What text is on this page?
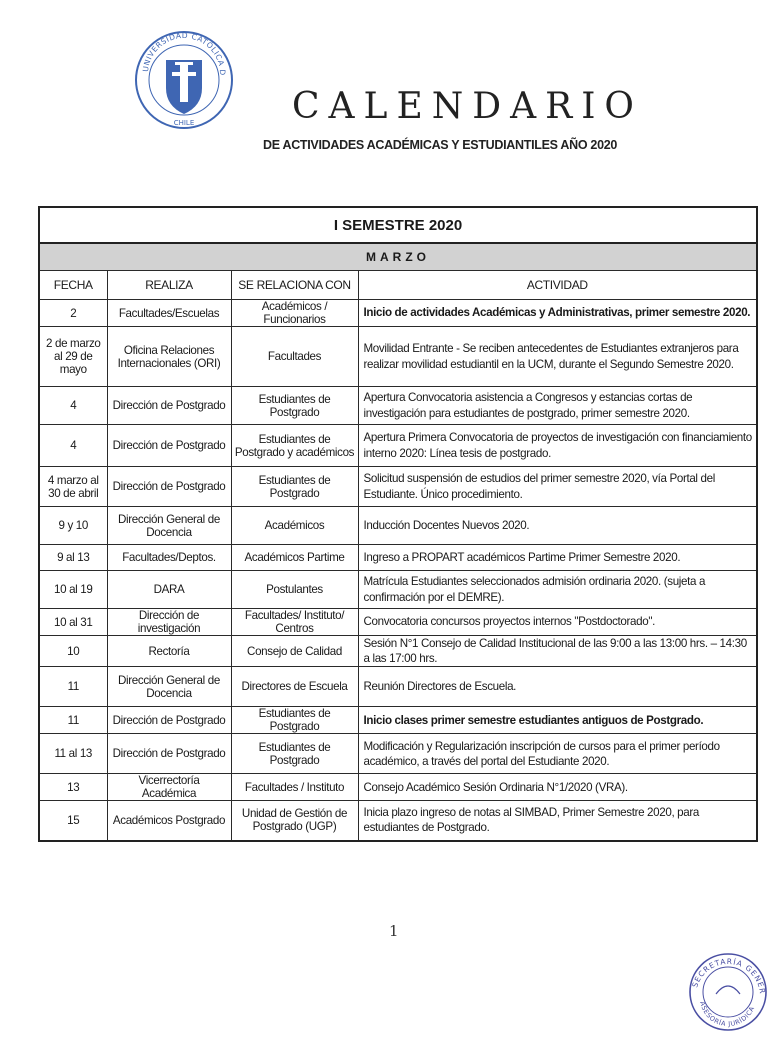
UNIVERSIDAD CATÓLICA D
CHILE	CALENDARIO
DE ACTIVIDADES ACADÉMICAS Y ESTUDIANTILES AÑO 2020
I SEMESTRE 2020			
MARZO			
FECHA	REALIZA	SE RELACIONA CON	ACTIVIDAD
2	Facultades/Escuelas	Académicos / Funcionarios	Inicio de actividades Académicas y Administrativas, primer semestre 2020.
2 de marzo al 29 de mayo	Oficina Relaciones Internacionales (ORI)	Facultades	Movilidad Entrante - Se reciben antecedentes de Estudiantes extranjeros para realizar movilidad estudiantil en la UCM, durante el Segundo Semestre 2020.
4	Dirección de Postgrado	Estudiantes de Postgrado	Apertura Convocatoria asistencia a Congresos y estancias cortas de investigación para estudiantes de postgrado, primer semestre 2020.
4	Dirección de Postgrado	Estudiantes de Postgrado y académicos	Apertura Primera Convocatoria de proyectos de investigación con financiamiento interno 2020: Línea tesis de postgrado.
4 marzo al 30 de abril	Dirección de Postgrado	Estudiantes de Postgrado	Solicitud suspensión de estudios del primer semestre 2020, vía Portal del Estudiante. Único procedimiento.
9 y 10	Dirección General de Docencia	Académicos	Inducción Docentes Nuevos 2020.
9 al 13	Facultades/Deptos.	Académicos Partime	Ingreso a PROPART académicos Partime Primer Semestre 2020.
10 al 19	DARA	Postulantes	Matrícula Estudiantes seleccionados admisión ordinaria 2020. (sujeta a confirmación por el DEMRE).
10 al 31	Dirección de investigación	Facultades/ Instituto/ Centros	Convocatoria concursos proyectos internos "Postdoctorado".
10	Rectoría	Consejo de Calidad	Sesión N°1 Consejo de Calidad Institucional de las 9:00 a las 13:00 hrs. – 14:30 a las 17:00 hrs.
11	Dirección General de Docencia	Directores de Escuela	Reunión Directores de Escuela.
11	Dirección de Postgrado	Estudiantes de Postgrado	Inicio clases primer semestre estudiantes antiguos de Postgrado.
11 al 13	Dirección de Postgrado	Estudiantes de Postgrado	Modificación y Regularización inscripción de cursos para el primer período académico, a través del portal del Estudiante 2020.
13	Vicerrectoría Académica	Facultades / Instituto	Consejo Académico Sesión Ordinaria N°1/2020 (VRA).
15	Académicos Postgrado	Unidad de Gestión de Postgrado (UGP)	Inicia plazo ingreso de notas al SIMBAD, Primer Semestre 2020, para estudiantes de Postgrado.
1
SECRETARÍA GENER
ASESORÍA JURÍDICA
